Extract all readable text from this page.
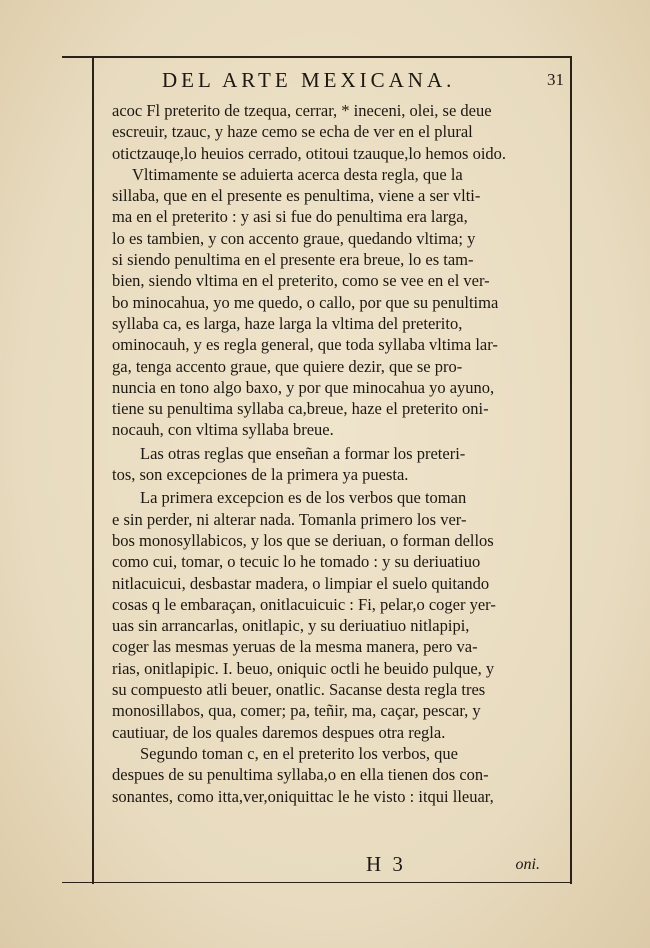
DEL ARTE MEXICANA.	31
acoc Fl preterito de tzequa, cerrar, * ineceni, olei, se deue
escreuir, tzauc, y haze cemo se echa de ver en el plural
otictzauqe,lo heuios cerrado, otitoui tzauque,lo hemos oido.
Vltimamente se aduierta acerca desta regla, que la
sillaba, que en el presente es penultima, viene a ser vlti-
ma en el preterito : y asi si fue do penultima era larga,
lo es tambien, y con accento graue, quedando vltima; y
si siendo penultima en el presente era breue, lo es tam-
bien, siendo vltima en el preterito, como se vee en el ver-
bo minocahua, yo me quedo, o callo, por que su penultima
syllaba ca, es larga, haze larga la vltima del preterito,
ominocauh, y es regla general, que toda syllaba vltima lar-
ga, tenga accento graue, que quiere dezir, que se pro-
nuncia en tono algo baxo, y por que minocahua yo ayuno,
tiene su penultima syllaba ca,breue, haze el preterito oni-
nocauh, con vltima syllaba breue.
Las otras reglas que enseñan a formar los preteri-
tos, son excepciones de la primera ya puesta.
La primera excepcion es de los verbos que toman
e sin perder, ni alterar nada. Tomanla primero los ver-
bos monosyllabicos, y los que se deriuan, o forman dellos
como cui, tomar, o tecuic lo he tomado : y su deriuatiuo
nitlacuicui, desbastar madera, o limpiar el suelo quitando
cosas q le embaraçan, onitlacuicuic : Fi, pelar,o coger yer-
uas sin arrancarlas, onitlapic, y su deriuatiuo nitlapipi,
coger las mesmas yeruas de la mesma manera, pero va-
rias, onitlapipic. I. beuo, oniquic octli he beuido pulque, y
su compuesto atli beuer, onatlic. Sacanse desta regla tres
monosillabos, qua, comer; pa, teñir, ma, caçar, pescar, y
cautiuar, de los quales daremos despues otra regla.
Segundo toman c, en el preterito los verbos, que
despues de su penultima syllaba,o en ella tienen dos con-
sonantes, como itta,ver,oniquittac le he visto : itqui lleuar,
H 3	oni.
